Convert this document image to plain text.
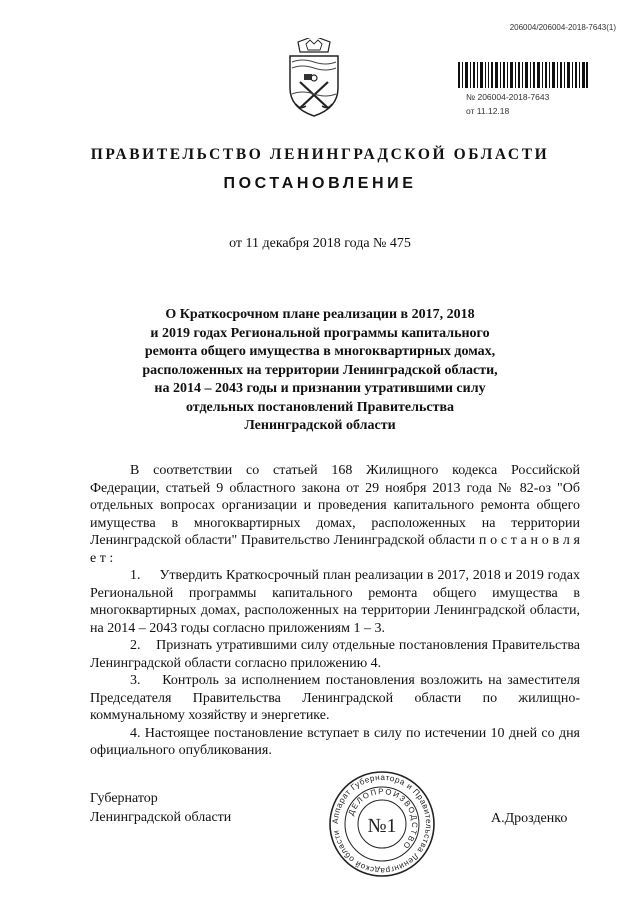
206004/206004-2018-7643(1)
№ 206004-2018-7643
от 11.12.18
ПРАВИТЕЛЬСТВО ЛЕНИНГРАДСКОЙ ОБЛАСТИ
ПОСТАНОВЛЕНИЕ
от 11 декабря 2018 года № 475
О Краткосрочном плане реализации в 2017, 2018
и 2019 годах Региональной программы капитального
ремонта общего имущества в многоквартирных домах,
расположенных на территории Ленинградской области,
на 2014 – 2043 годы и признании утратившими силу
отдельных постановлений Правительства
Ленинградской области

В соответствии со статьей 168 Жилищного кодекса Российской Федерации, статьей 9 областного закона от 29 ноября 2013 года № 82-оз "Об отдельных вопросах организации и проведения капитального ремонта общего имущества в многоквартирных домах, расположенных на территории Ленинградской области" Правительство Ленинградской области п о с т а н о в л я е т :

1.     Утвердить Краткосрочный план реализации в 2017, 2018 и 2019 годах Региональной программы капитального ремонта общего имущества в многоквартирных домах, расположенных на территории Ленинградской области, на 2014 – 2043 годы согласно приложениям 1 – 3.

2.    Признать утратившими силу отдельные постановления Правительства Ленинградской области согласно приложению 4.

3.    Контроль за исполнением постановления возложить на заместителя Председателя Правительства Ленинградской области по жилищно-коммунальному хозяйству и энергетике.

4. Настоящее постановление вступает в силу по истечении 10 дней со дня официального опубликования.

Губернатор
Ленинградской области	Аппарат Губернатора и Правительства Ленинградской области
ДЕЛОПРОИЗВОДСТВО
№1	А.Дрозденко
